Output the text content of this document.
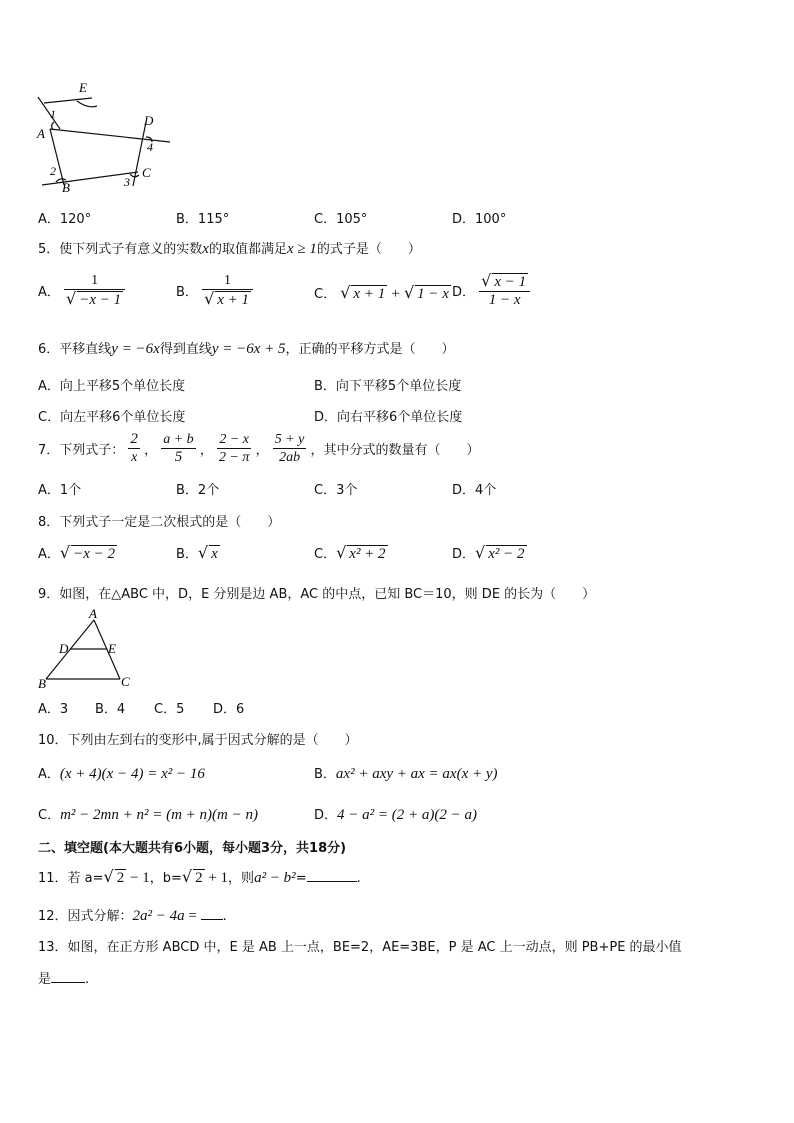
E
D
A
B
C
1
2
3
4
A．120°	B．115°	C．105°	D．100°
5．使下列式子有意义的实数x的取值都满足x ≥ 1的式子是（　　）
A． $\frac{1}{√ -x - 1}$	B． $\frac{1}{√ x + 1}$	C． √ x + 1 + √ 1 − x D． $\frac{√ x - 1}{1 - x}$
6．平移直线y = −6x得到直线y = −6x + 5，正确的平移方式是（　　）
A．向上平移5个单位长度	B．向下平移5个单位长度
C．向左平移6个单位长度	D．向右平移6个单位长度
7．下列式子： $\frac{2}{x}$ ， $\frac{a + b}{5}$ ， $\frac{2 - x}{2 - \pi}$ ， $\frac{5 + y}{2ab}$ ，其中分式的数量有（　　）
A．1个	B．2个	C．3个	D．4个
8．下列式子一定是二次根式的是（　　）
A．√ −x − 2	B．√ x	C．√ x² + 2	D．√ x² − 2
9．如图，在△ABC 中，D，E 分别是边 AB，AC 的中点，已知 BC＝10，则 DE 的长为（　　）
A
B	C
D	E
A．3 B．4 C．5 D．6
10．下列由左到右的变形中,属于因式分解的是（　　）
A．(x + 4)(x − 4) = x² − 16	B．ax² + axy + ax = ax(x + y)
C．m² − 2mn + n² = (m + n)(m − n)	D．4 − a² = (2 + a)(2 − a)
二、填空题(本大题共有6小题，每小题3分，共18分)
11．若 a=√ 2 − 1，b=√ 2 + 1，则a² − b²=	.
12．因式分解：2a² − 4a = .
13．如图，在正方形 ABCD 中，E 是 AB 上一点，BE=2，AE=3BE，P 是 AC 上一动点，则 PB+PE 的最小值
是	.
